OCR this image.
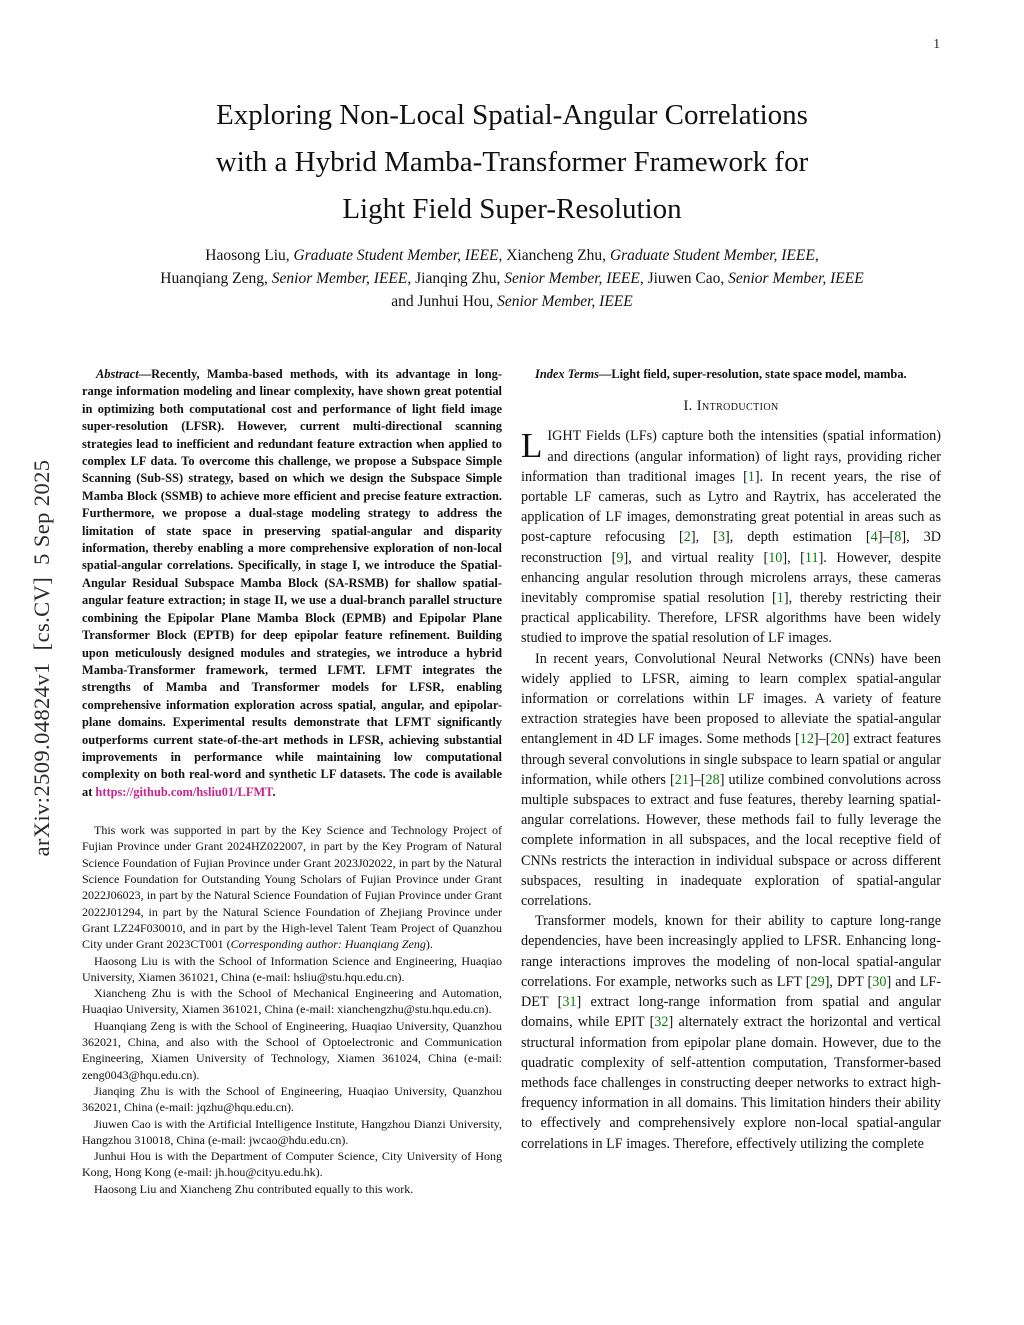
1
arXiv:2509.04824v1  [cs.CV]  5 Sep 2025
Exploring Non-Local Spatial-Angular Correlations
with a Hybrid Mamba-Transformer Framework for
Light Field Super-Resolution
Haosong Liu, Graduate Student Member, IEEE, Xiancheng Zhu, Graduate Student Member, IEEE,
Huanqiang Zeng, Senior Member, IEEE, Jianqing Zhu, Senior Member, IEEE, Jiuwen Cao, Senior Member, IEEE
and Junhui Hou, Senior Member, IEEE

Abstract—Recently, Mamba-based methods, with its advantage in long-range information modeling and linear complexity, have shown great potential in optimizing both computational cost and performance of light field image super-resolution (LFSR). However, current multi-directional scanning strategies lead to inefficient and redundant feature extraction when applied to complex LF data. To overcome this challenge, we propose a Subspace Simple Scanning (Sub-SS) strategy, based on which we design the Subspace Simple Mamba Block (SSMB) to achieve more efficient and precise feature extraction. Furthermore, we propose a dual-stage modeling strategy to address the limitation of state space in preserving spatial-angular and disparity information, thereby enabling a more comprehensive exploration of non-local spatial-angular correlations. Specifically, in stage I, we introduce the Spatial-Angular Residual Subspace Mamba Block (SA-RSMB) for shallow spatial-angular feature extraction; in stage II, we use a dual-branch parallel structure combining the Epipolar Plane Mamba Block (EPMB) and Epipolar Plane Transformer Block (EPTB) for deep epipolar feature refinement. Building upon meticulously designed modules and strategies, we introduce a hybrid Mamba-Transformer framework, termed LFMT. LFMT integrates the strengths of Mamba and Transformer models for LFSR, enabling comprehensive information exploration across spatial, angular, and epipolar-plane domains. Experimental results demonstrate that LFMT significantly outperforms current state-of-the-art methods in LFSR, achieving substantial improvements in performance while maintaining low computational complexity on both real-word and synthetic LF datasets. The code is available at https://github.com/hsliu01/LFMT.

This work was supported in part by the Key Science and Technology Project of Fujian Province under Grant 2024HZ022007, in part by the Key Program of Natural Science Foundation of Fujian Province under Grant 2023J02022, in part by the Natural Science Foundation for Outstanding Young Scholars of Fujian Province under Grant 2022J06023, in part by the Natural Science Foundation of Fujian Province under Grant 2022J01294, in part by the Natural Science Foundation of Zhejiang Province under Grant LZ24F030010, and in part by the High-level Talent Team Project of Quanzhou City under Grant 2023CT001 (Corresponding author: Huanqiang Zeng).

Haosong Liu is with the School of Information Science and Engineering, Huaqiao University, Xiamen 361021, China (e-mail: hsliu@stu.hqu.edu.cn).

Xiancheng Zhu is with the School of Mechanical Engineering and Automation, Huaqiao University, Xiamen 361021, China (e-mail: xianchengzhu@stu.hqu.edu.cn).

Huanqiang Zeng is with the School of Engineering, Huaqiao University, Quanzhou 362021, China, and also with the School of Optoelectronic and Communication Engineering, Xiamen University of Technology, Xiamen 361024, China (e-mail: zeng0043@hqu.edu.cn).

Jianqing Zhu is with the School of Engineering, Huaqiao University, Quanzhou 362021, China (e-mail: jqzhu@hqu.edu.cn).

Jiuwen Cao is with the Artificial Intelligence Institute, Hangzhou Dianzi University, Hangzhou 310018, China (e-mail: jwcao@hdu.edu.cn).

Junhui Hou is with the Department of Computer Science, City University of Hong Kong, Hong Kong (e-mail: jh.hou@cityu.edu.hk).

Haosong Liu and Xiancheng Zhu contributed equally to this work.

Index Terms—Light field, super-resolution, state space model, mamba.

I. Introduction

LIGHT Fields (LFs) capture both the intensities (spatial information) and directions (angular information) of light rays, providing richer information than traditional images [1]. In recent years, the rise of portable LF cameras, such as Lytro and Raytrix, has accelerated the application of LF images, demonstrating great potential in areas such as post-capture refocusing [2], [3], depth estimation [4]–[8], 3D reconstruction [9], and virtual reality [10], [11]. However, despite enhancing angular resolution through microlens arrays, these cameras inevitably compromise spatial resolution [1], thereby restricting their practical applicability. Therefore, LFSR algorithms have been widely studied to improve the spatial resolution of LF images.

In recent years, Convolutional Neural Networks (CNNs) have been widely applied to LFSR, aiming to learn complex spatial-angular information or correlations within LF images. A variety of feature extraction strategies have been proposed to alleviate the spatial-angular entanglement in 4D LF images. Some methods [12]–[20] extract features through several convolutions in single subspace to learn spatial or angular information, while others [21]–[28] utilize combined convolutions across multiple subspaces to extract and fuse features, thereby learning spatial-angular correlations. However, these methods fail to fully leverage the complete information in all subspaces, and the local receptive field of CNNs restricts the interaction in individual subspace or across different subspaces, resulting in inadequate exploration of spatial-angular correlations.

Transformer models, known for their ability to capture long-range dependencies, have been increasingly applied to LFSR. Enhancing long-range interactions improves the modeling of non-local spatial-angular correlations. For example, networks such as LFT [29], DPT [30] and LF-DET [31] extract long-range information from spatial and angular domains, while EPIT [32] alternately extract the horizontal and vertical structural information from epipolar plane domain. However, due to the quadratic complexity of self-attention computation, Transformer-based methods face challenges in constructing deeper networks to extract high-frequency information in all domains. This limitation hinders their ability to effectively and comprehensively explore non-local spatial-angular correlations in LF images. Therefore, effectively utilizing the complete
